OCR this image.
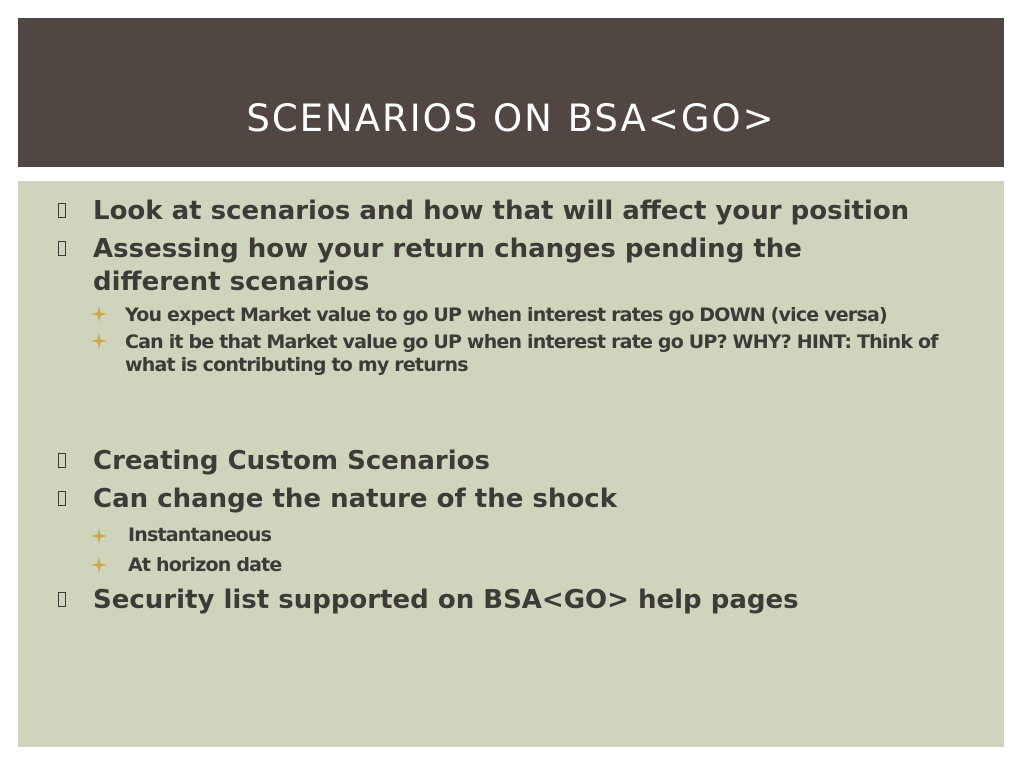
SCENARIOS ON BSA<GO>
Look at scenarios and how that will affect your position
Assessing how your return changes pending the
different scenarios
You expect Market value to go UP when interest rates go DOWN (vice versa)
Can it be that Market value go UP when interest rate go UP? WHY? HINT: Think of
what is contributing to my returns
Creating Custom Scenarios
Can change the nature of the shock
Instantaneous
At horizon date
Security list supported on BSA<GO> help pages
